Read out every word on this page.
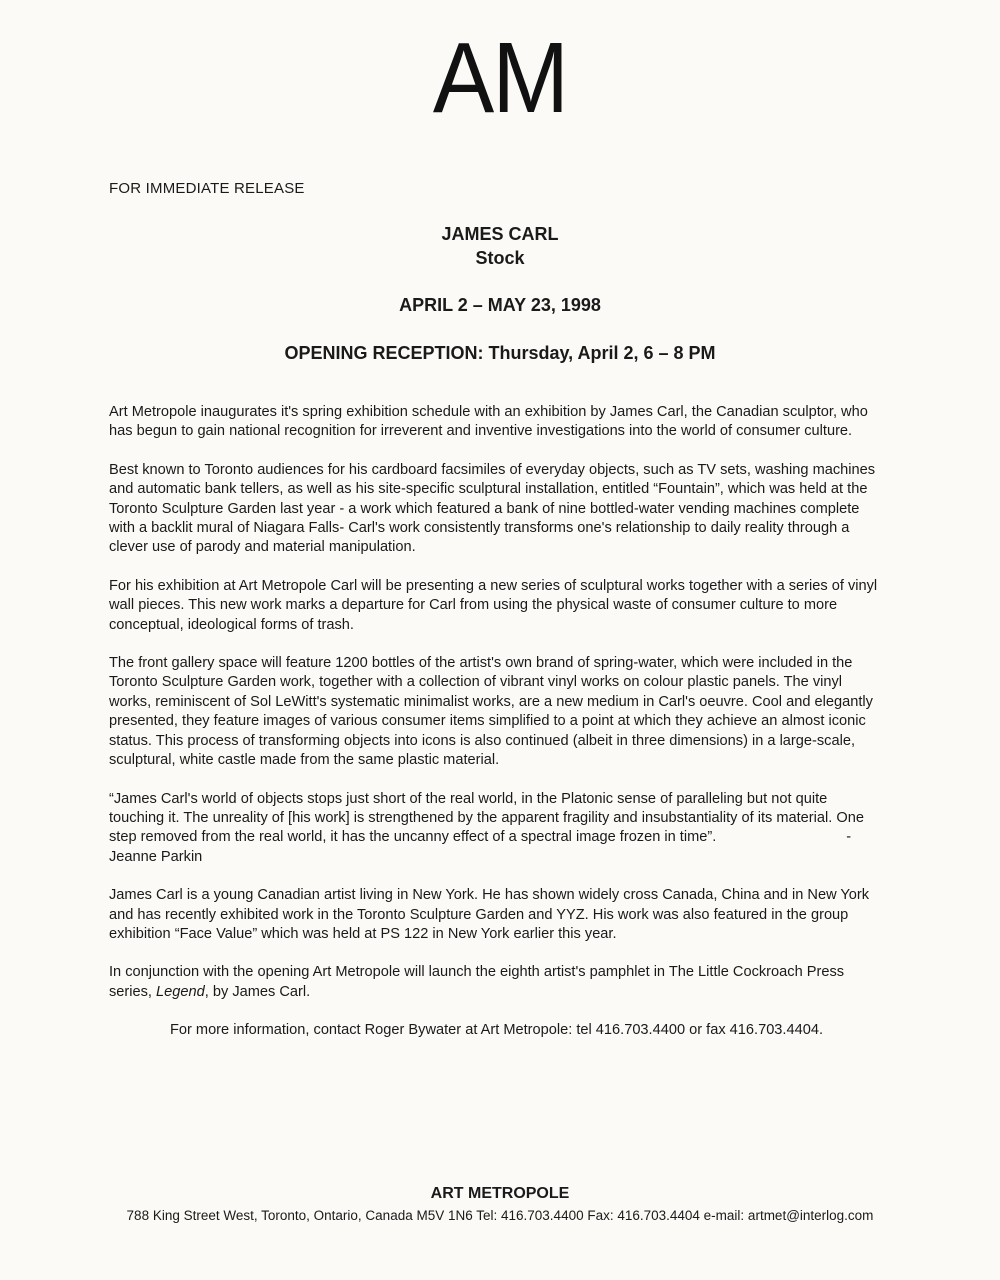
AM
FOR IMMEDIATE RELEASE
JAMES CARL
Stock
APRIL 2 – MAY 23, 1998
OPENING RECEPTION: Thursday, April 2, 6 – 8 PM

Art Metropole inaugurates it's spring exhibition schedule with an exhibition by James Carl, the Canadian sculptor, who has begun to gain national recognition for irreverent and inventive investigations into the world of consumer culture.

Best known to Toronto audiences for his cardboard facsimiles of everyday objects, such as TV sets, washing machines and automatic bank tellers, as well as his site-specific sculptural installation, entitled “Fountain”, which was held at the Toronto Sculpture Garden last year - a work which featured a bank of nine bottled-water vending machines complete with a backlit mural of Niagara Falls- Carl's work consistently transforms one's relationship to daily reality through a clever use of parody and material manipulation.

For his exhibition at Art Metropole Carl will be presenting a new series of sculptural works together with a series of vinyl wall pieces. This new work marks a departure for Carl from using the physical waste of consumer culture to more conceptual, ideological forms of trash.

The front gallery space will feature 1200 bottles of the artist's own brand of spring-water, which were included in the Toronto Sculpture Garden work, together with a collection of vibrant vinyl works on colour plastic panels. The vinyl works, reminiscent of Sol LeWitt's systematic minimalist works, are a new medium in Carl's oeuvre. Cool and elegantly presented, they feature images of various consumer items simplified to a point at which they achieve an almost iconic status. This process of transforming objects into icons is also continued (albeit in three dimensions) in a large-scale, sculptural, white castle made from the same plastic material.

“James Carl's world of objects stops just short of the real world, in the Platonic sense of paralleling but not quite touching it. The unreality of [his work] is strengthened by the apparent fragility and insubstantiality of its material. One step removed from the real world, it has the uncanny effect of a spectral image frozen in time”.	- Jeanne Parkin

James Carl is a young Canadian artist living in New York. He has shown widely cross Canada, China and in New York and has recently exhibited work in the Toronto Sculpture Garden and YYZ. His work was also featured in the group exhibition “Face Value” which was held at PS 122 in New York earlier this year.

In conjunction with the opening Art Metropole will launch the eighth artist's pamphlet in The Little Cockroach Press series, Legend, by James Carl.

For more information, contact Roger Bywater at Art Metropole: tel 416.703.4400 or fax 416.703.4404.

ART METROPOLE
788 King Street West, Toronto, Ontario, Canada M5V 1N6 Tel: 416.703.4400 Fax: 416.703.4404 e-mail: artmet@interlog.com
